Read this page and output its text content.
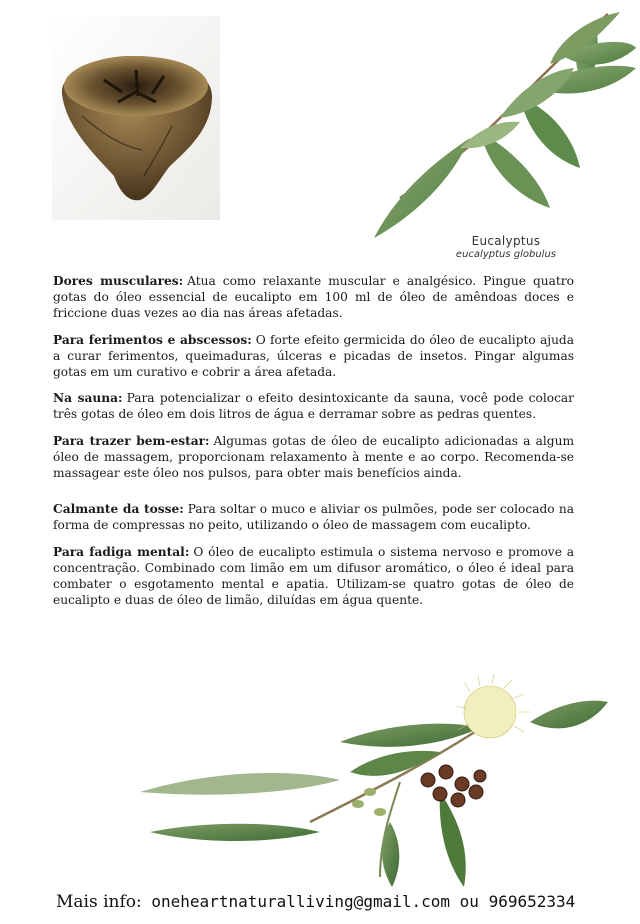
Eucalyptus
eucalyptus globulus

Dores musculares: Atua como relaxante muscular e analgésico. Pingue quatro gotas do óleo essencial de eucalipto em 100 ml de óleo de amêndoas doces e friccione duas vezes ao dia nas áreas afetadas.

Para ferimentos e abscessos: O forte efeito germicida do óleo de eucalipto ajuda a curar ferimentos, queimaduras, úlceras e picadas de insetos. Pingar algumas gotas em um curativo e cobrir a área afetada.

Na sauna: Para potencializar o efeito desintoxicante da sauna, você pode colocar três gotas de óleo em dois litros de água e derramar sobre as pedras quentes.

Para trazer bem-estar: Algumas gotas de óleo de eucalipto adicionadas a algum óleo de massagem, proporcionam relaxamento à mente e ao corpo. Recomenda-se massagear este óleo nos pulsos, para obter mais benefícios ainda.

Calmante da tosse: Para soltar o muco e aliviar os pulmões, pode ser colocado na forma de compressas no peito, utilizando o óleo de massagem com eucalipto.

Para fadiga mental: O óleo de eucalipto estimula o sistema nervoso e promove a concentração. Combinado com limão em um difusor aromático, o óleo é ideal para combater o esgotamento mental e apatia. Utilizam-se quatro gotas de óleo de eucalipto e duas de óleo de limão, diluídas em água quente.

Mais info: oneheartnaturalliving@gmail.com ou 969652334
